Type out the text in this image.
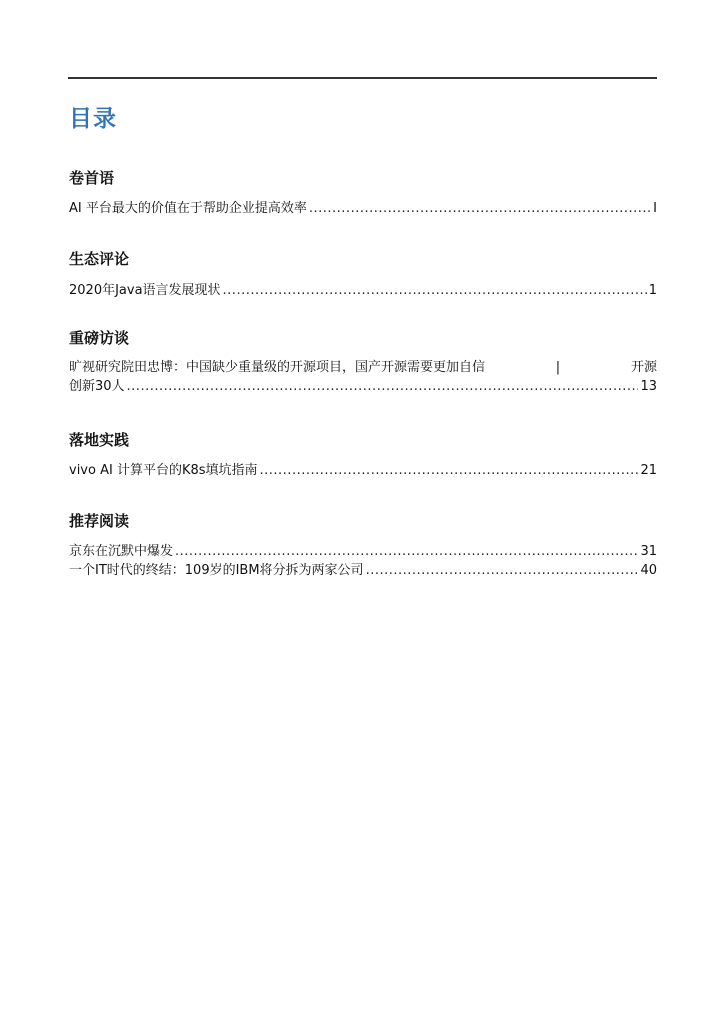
目录
卷首语
AI 平台最大的价值在于帮助企业提高效率 .....	I
生态评论
2020年Java语言发展现状 .....	1
重磅访谈
旷视研究院田忠博：中国缺少重量级的开源项目，国产开源需要更加自信	|	开源
创新30人 .....	13
落地实践
vivo AI 计算平台的K8s填坑指南 .....	21
推荐阅读
京东在沉默中爆发 .....	31
一个IT时代的终结：109岁的IBM将分拆为两家公司 .....	40
